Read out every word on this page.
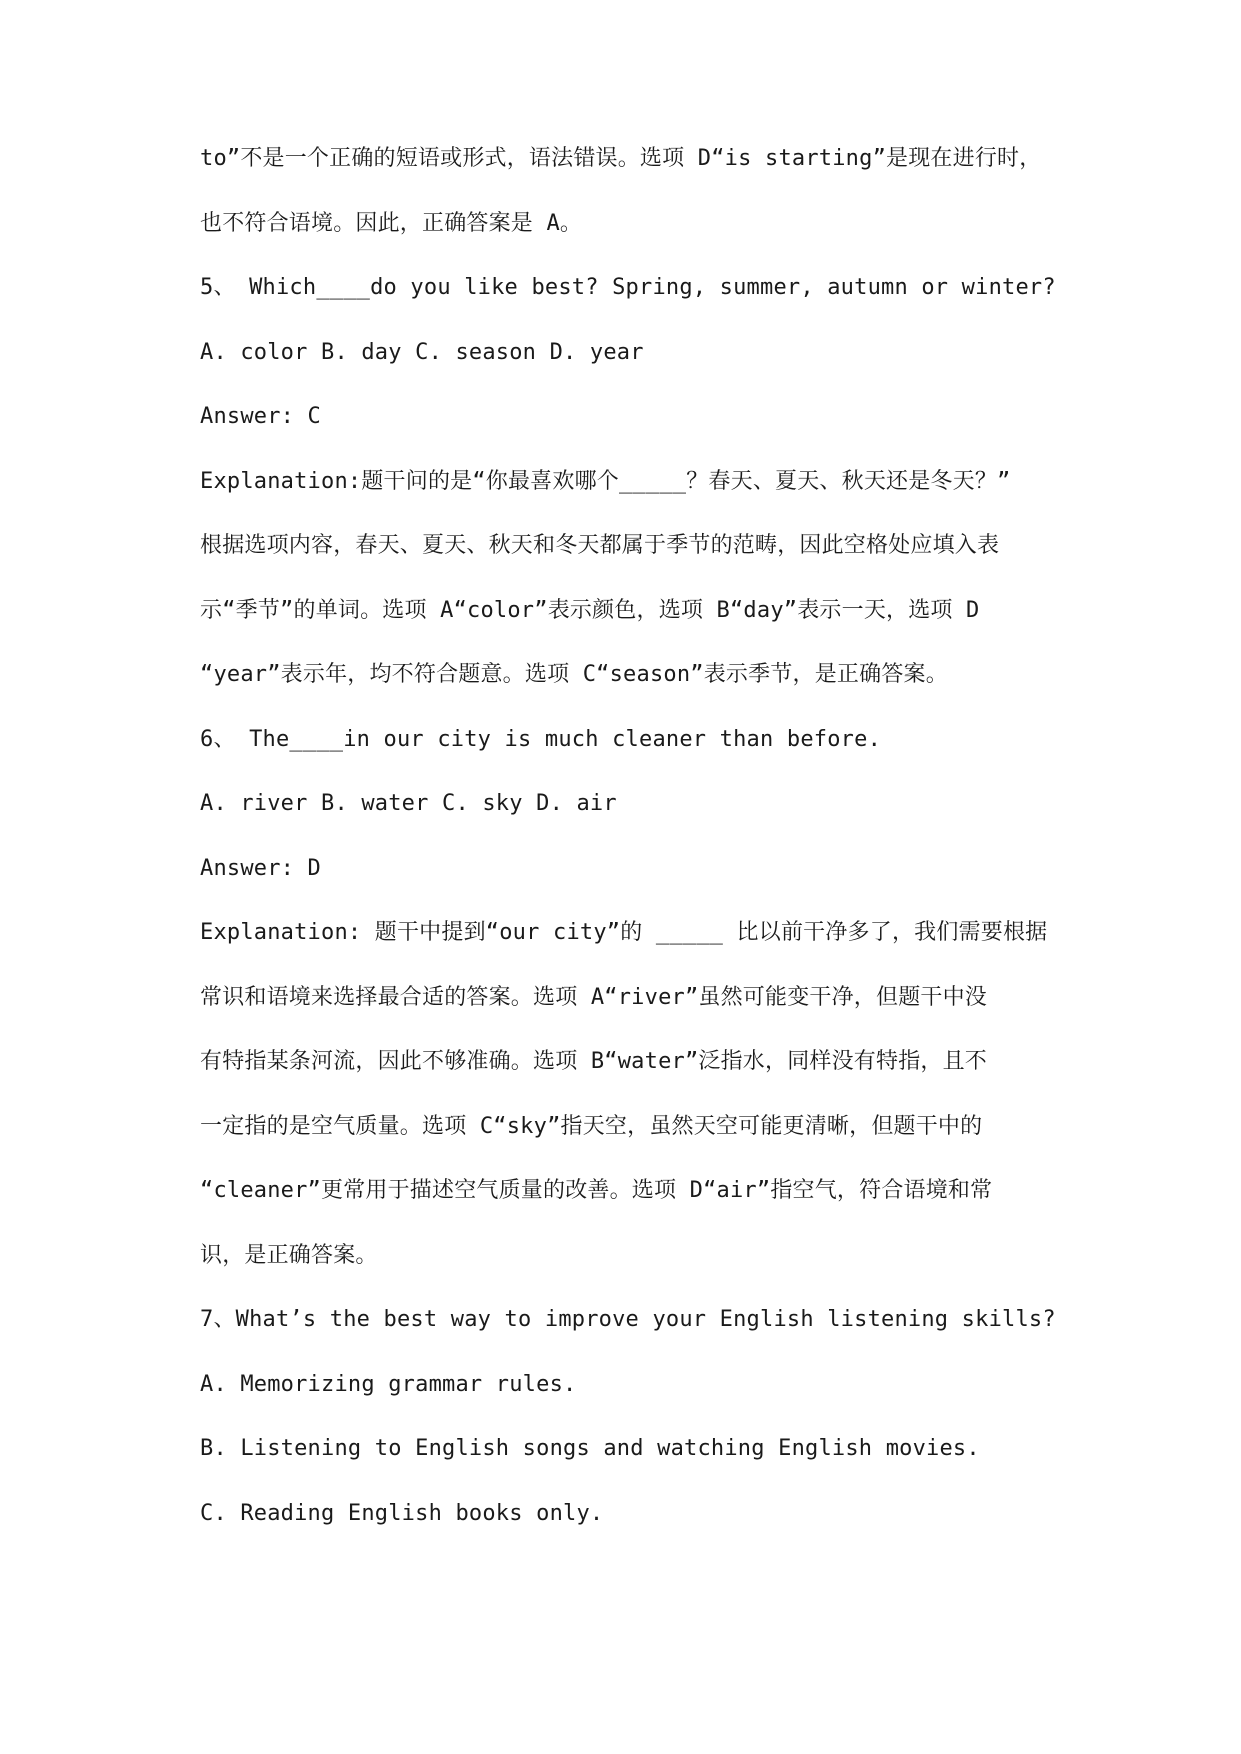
to”不是一个正确的短语或形式，语法错误。选项 D“is starting”是现在进行时，
也不符合语境。因此，正确答案是 A。
5、 Which____do you like best? Spring, summer, autumn or winter?
A. color B. day C. season D. year
Answer: C
Explanation:题干问的是“你最喜欢哪个_____？春天、夏天、秋天还是冬天？”
根据选项内容，春天、夏天、秋天和冬天都属于季节的范畴，因此空格处应填入表
示“季节”的单词。选项 A“color”表示颜色，选项 B“day”表示一天，选项 D
“year”表示年，均不符合题意。选项 C“season”表示季节，是正确答案。
6、 The____in our city is much cleaner than before.
A. river B. water C. sky D. air
Answer: D
Explanation: 题干中提到“our city”的 _____ 比以前干净多了，我们需要根据
常识和语境来选择最合适的答案。选项 A“river”虽然可能变干净，但题干中没
有特指某条河流，因此不够准确。选项 B“water”泛指水，同样没有特指，且不
一定指的是空气质量。选项 C“sky”指天空，虽然天空可能更清晰，但题干中的
“cleaner”更常用于描述空气质量的改善。选项 D“air”指空气，符合语境和常
识，是正确答案。
7、What’s the best way to improve your English listening skills?
A. Memorizing grammar rules.
B. Listening to English songs and watching English movies.
C. Reading English books only.
